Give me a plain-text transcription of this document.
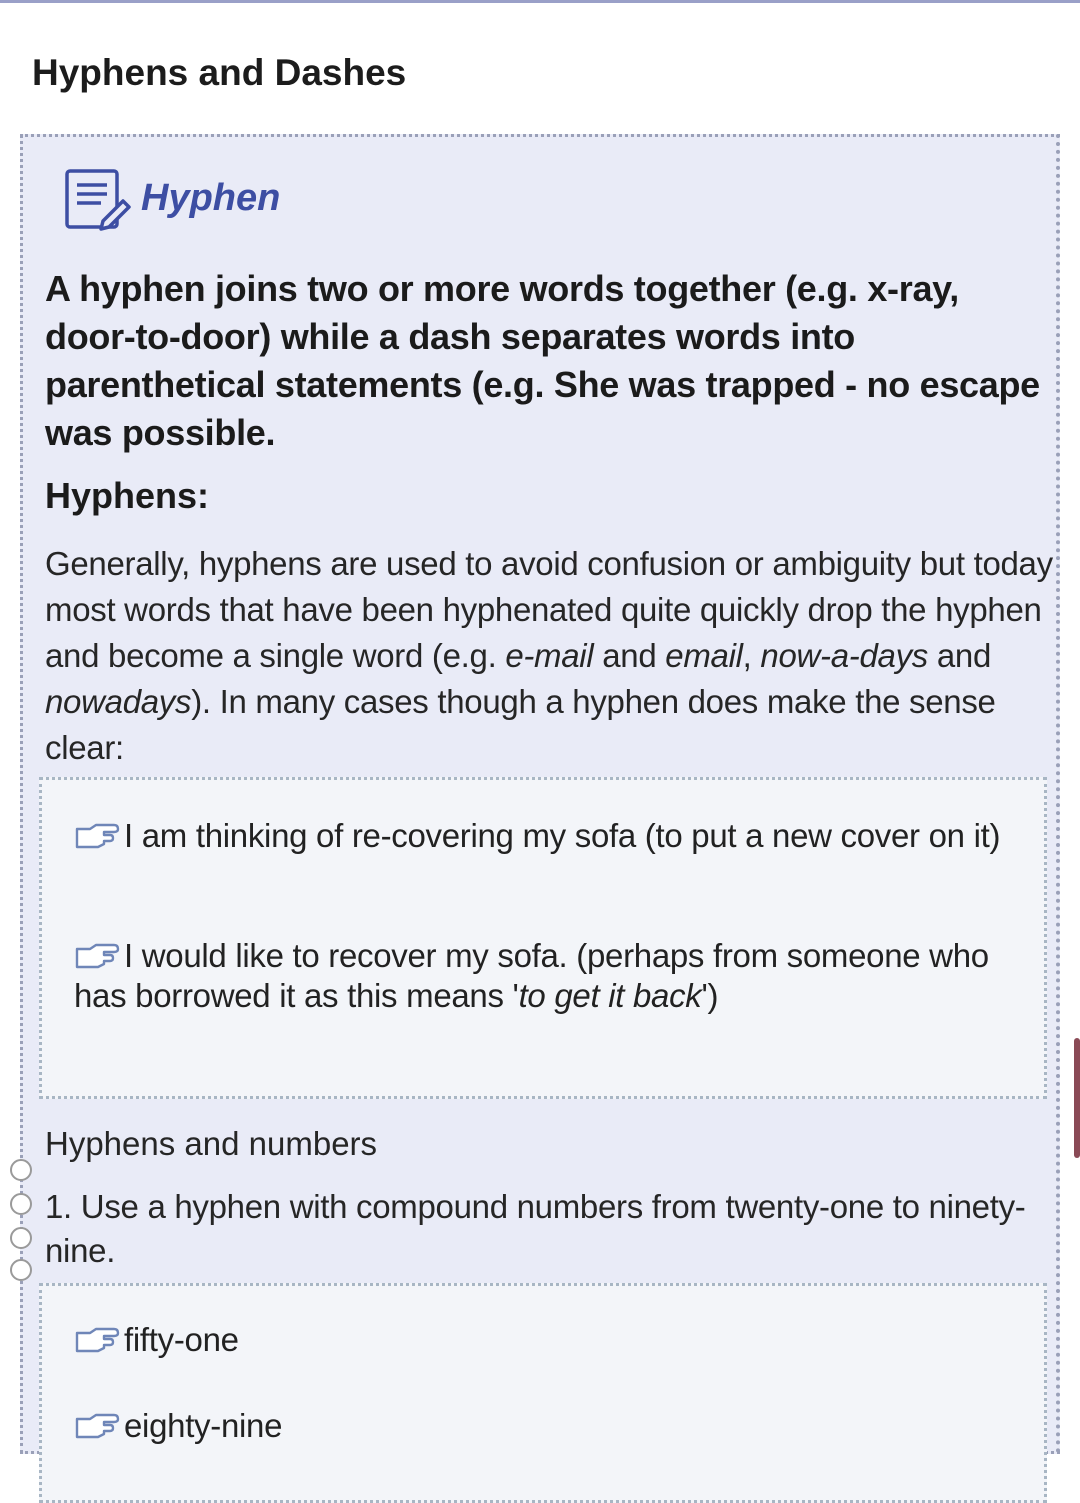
Hyphens and Dashes
Hyphen

A hyphen joins two or more words together (e.g. x-ray, door-to-door) while a dash separates words into parenthetical statements (e.g. She was trapped - no escape was possible.

Hyphens:

Generally, hyphens are used to avoid confusion or ambiguity but today most words that have been hyphenated quite quickly drop the hyphen and become a single word (e.g. e-mail and email, now-a-days and nowadays). In many cases though a hyphen does make the sense clear:

I am thinking of re-covering my sofa (to put a new cover on it)
I would like to recover my sofa. (perhaps from someone who has borrowed it as this means 'to get it back')

Hyphens and numbers

1. Use a hyphen with compound numbers from twenty-one to ninety-nine.

fifty-one
eighty-nine
